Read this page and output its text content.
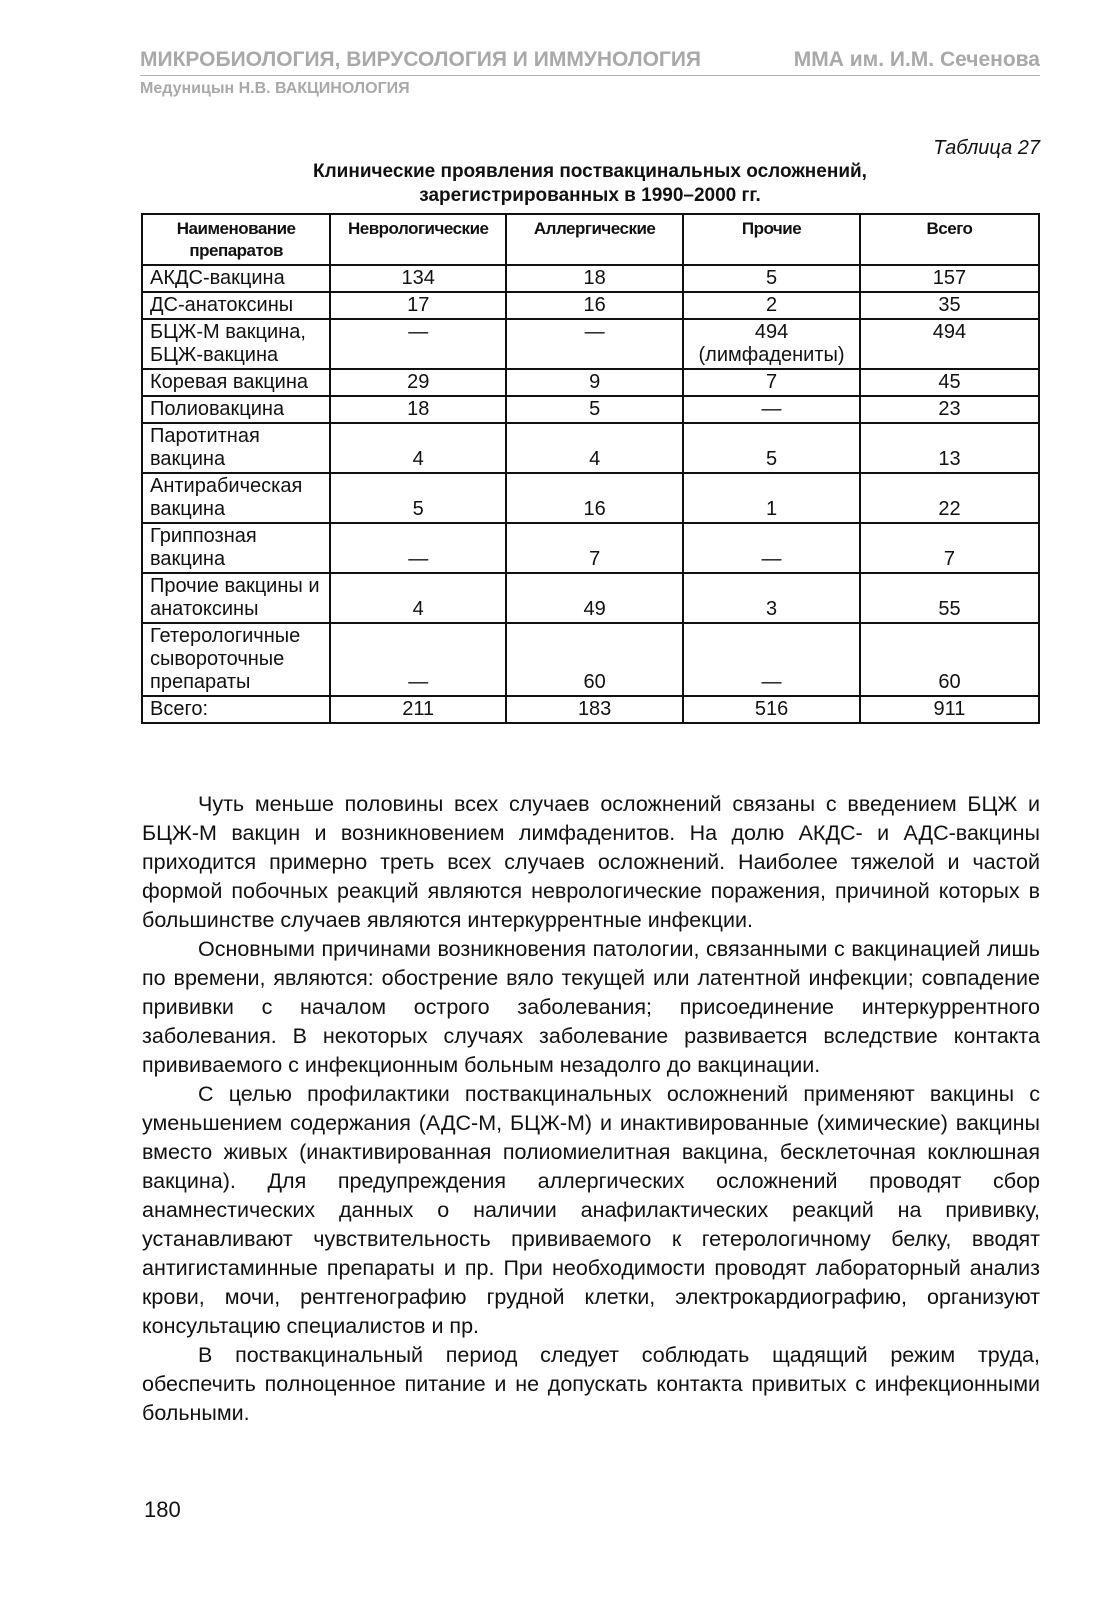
МИКРОБИОЛОГИЯ, ВИРУСОЛОГИЯ И ИММУНОЛОГИЯ	ММА им. И.М. Сеченова
Медуницын Н.В. ВАКЦИНОЛОГИЯ
Таблица 27
Клинические проявления поствакцинальных осложнений,
зарегистрированных в 1990–2000 гг.
Наименование препаратов	Неврологические	Аллергические	Прочие	Всего
АКДС-вакцина	134	18	5	157
ДС-анатоксины	17	16	2	35
БЦЖ-М вакцина, БЦЖ-вакцина	—	—	494 (лимфадениты)	494
Коревая вакцина	29	9	7	45
Полиовакцина	18	5	—	23
Паротитная вакцина	4	4	5	13
Антирабическая вакцина	5	16	1	22
Гриппозная вакцина	—	7	—	7
Прочие вакцины и анатоксины	4	49	3	55
Гетерологичные сывороточные препараты	—	60	—	60
Всего:	211	183	516	911

Чуть меньше половины всех случаев осложнений связаны с введением БЦЖ и БЦЖ-М вакцин и возникновением лимфаденитов. На долю АКДС- и АДС-вакцины приходится примерно треть всех случаев осложнений. Наиболее тяжелой и частой формой побочных реакций являются неврологические поражения, причиной которых в большинстве случаев являются интеркуррентные инфекции.

Основными причинами возникновения патологии, связанными с вакцинацией лишь по времени, являются: обострение вяло текущей или латентной инфекции; совпадение прививки с началом острого заболевания; присоединение интеркуррентного заболевания. В некоторых случаях заболевание развивается вследствие контакта прививаемого с инфекционным больным незадолго до вакцинации.

С целью профилактики поствакцинальных осложнений применяют вакцины с уменьшением содержания (АДС-М, БЦЖ-М) и инактивированные (химические) вакцины вместо живых (инактивированная полиомиелитная вакцина, бесклеточная коклюшная вакцина). Для предупреждения аллергических осложнений проводят сбор анамнестических данных о наличии анафилактических реакций на прививку, устанавливают чувствительность прививаемого к гетерологичному белку, вводят антигистаминные препараты и пр. При необходимости проводят лабораторный анализ крови, мочи, рентгенографию грудной клетки, электрокардиографию, организуют консультацию специалистов и пр.

В поствакцинальный период следует соблюдать щадящий режим труда, обеспечить полноценное питание и не допускать контакта привитых с инфекционными больными.

180
